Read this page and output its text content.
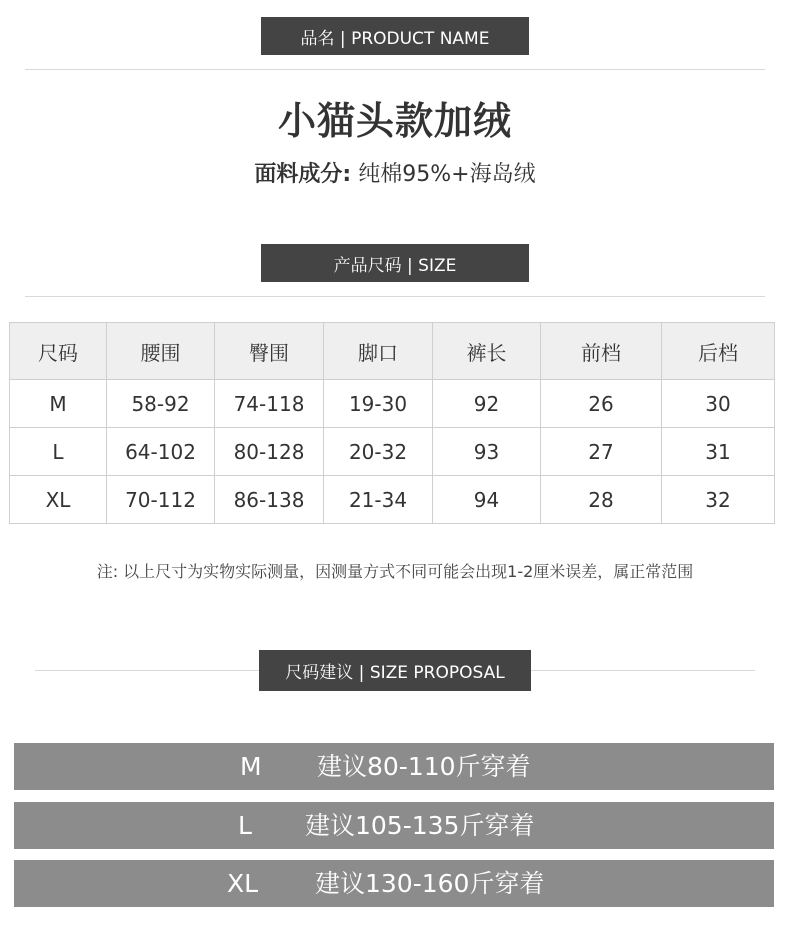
品名 | PRODUCT NAME
小猫头款加绒
面料成分: 纯棉95%+海岛绒
产品尺码 | SIZE
尺码	腰围	臀围	脚口	裤长	前档	后档
M	58-92	74-118	19-30	92	26	30
L	64-102	80-128	20-32	93	27	31
XL	70-112	86-138	21-34	94	28	32
注: 以上尺寸为实物实际测量，因测量方式不同可能会出现1-2厘米误差，属正常范围
尺码建议 | SIZE PROPOSAL
M 建议80-110斤穿着
L 建议105-135斤穿着
XL 建议130-160斤穿着
